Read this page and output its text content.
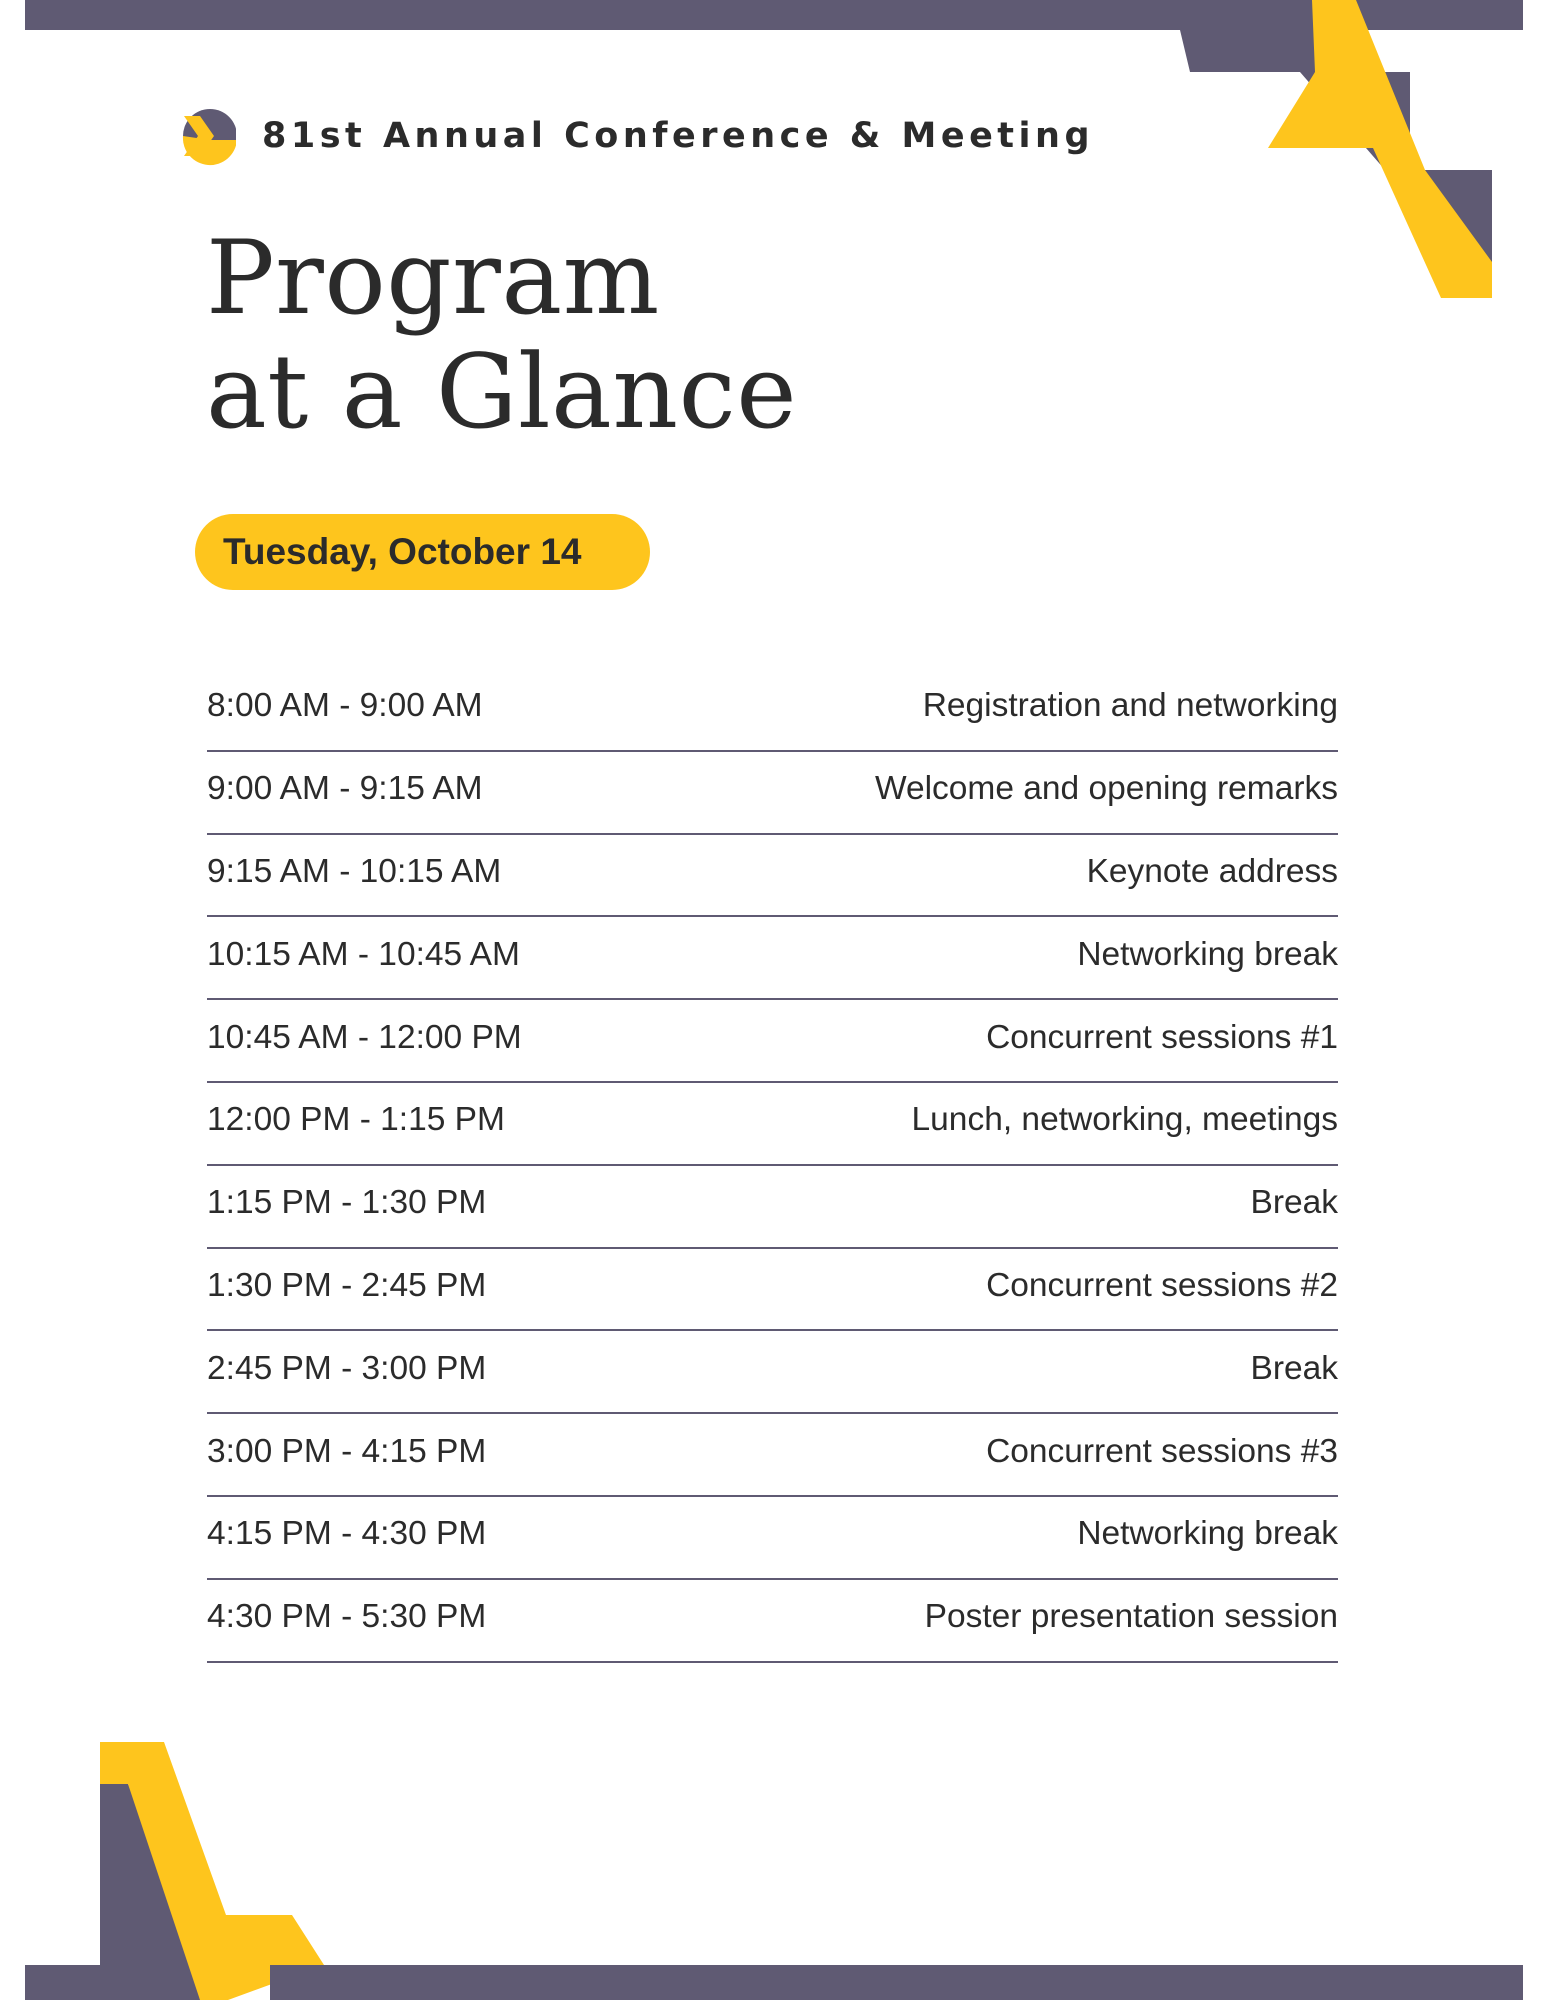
81st Annual Conference & Meeting
Program
at a Glance
Tuesday, October 14
8:00 AM - 9:00 AM	Registration and networking
9:00 AM - 9:15 AM	Welcome and opening remarks
9:15 AM - 10:15 AM	Keynote address
10:15 AM - 10:45 AM	Networking break
10:45 AM - 12:00 PM	Concurrent sessions #1
12:00 PM - 1:15 PM	Lunch, networking, meetings
1:15 PM - 1:30 PM	Break
1:30 PM - 2:45 PM	Concurrent sessions #2
2:45 PM - 3:00 PM	Break
3:00 PM - 4:15 PM	Concurrent sessions #3
4:15 PM - 4:30 PM	Networking break
4:30 PM - 5:30 PM	Poster presentation session
